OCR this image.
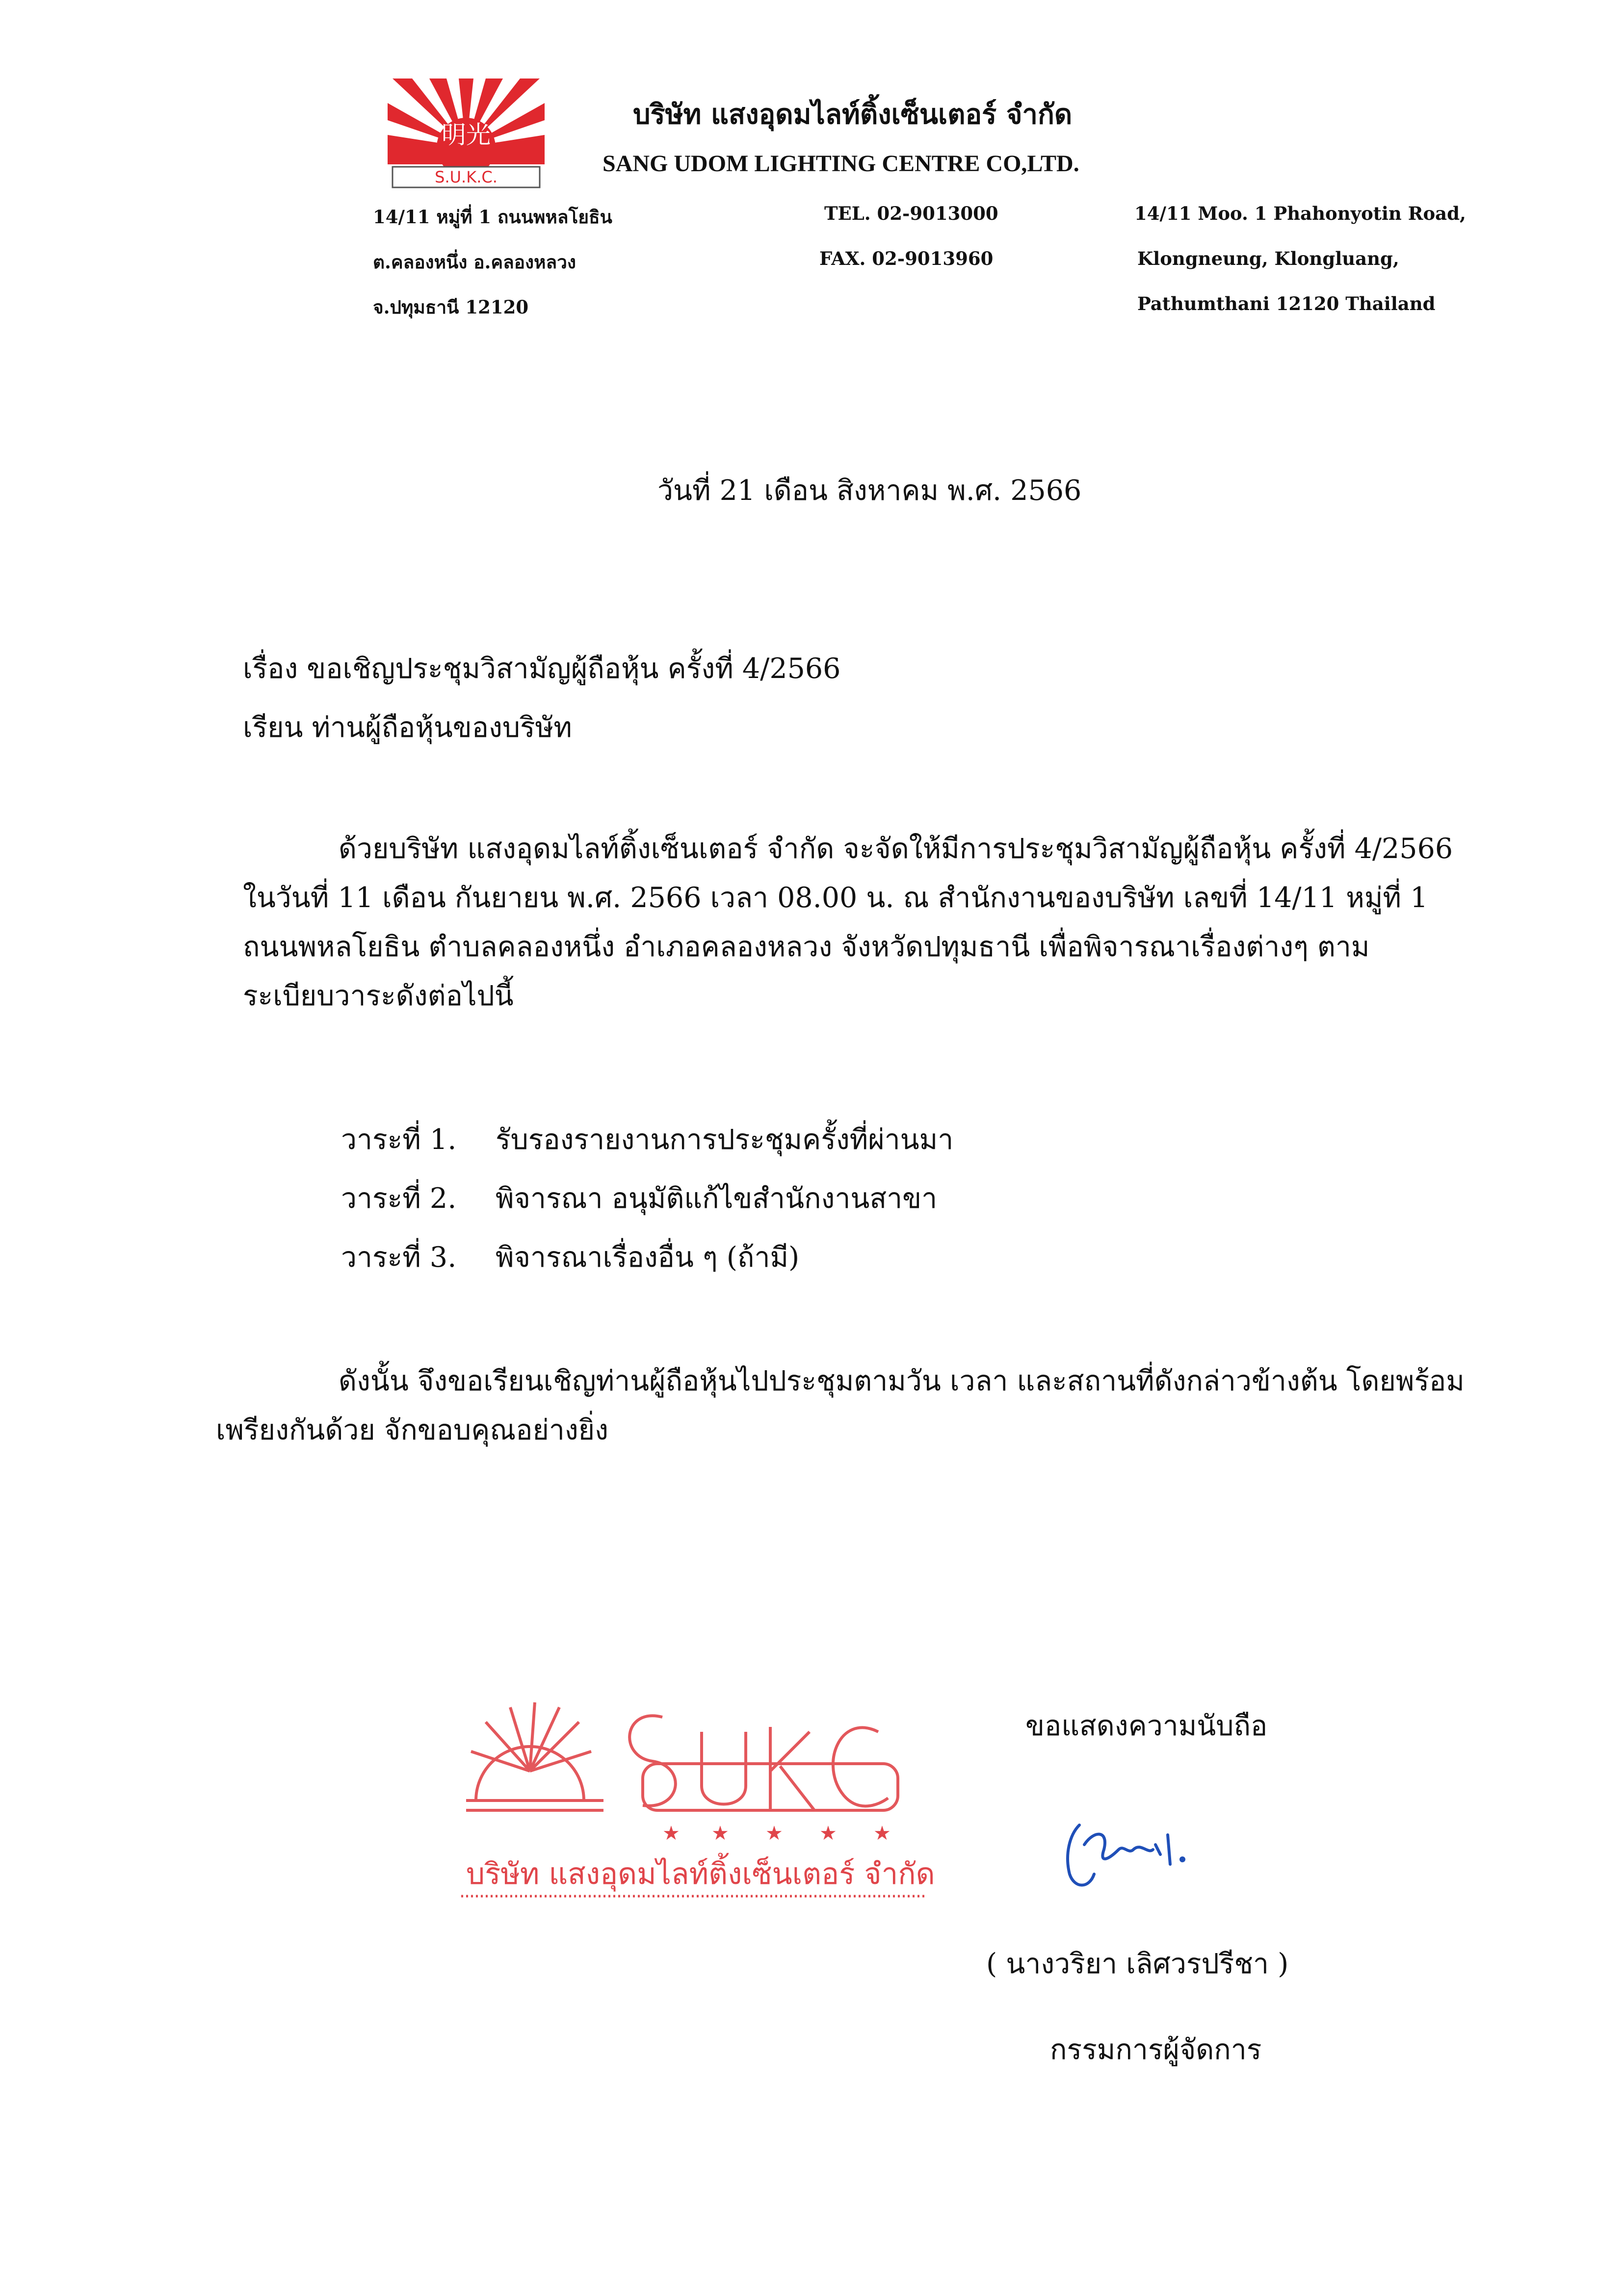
明光
S.U.K.C.
บริษัท แสงอุดมไลท์ติ้งเซ็นเตอร์ จำกัด
SANG UDOM LIGHTING CENTRE CO,LTD.
14/11 หมู่ที่ 1 ถนนพหลโยธิน
ต.คลองหนึ่ง อ.คลองหลวง
จ.ปทุมธานี 12120
TEL. 02-9013000
FAX. 02-9013960
14/11 Moo. 1 Phahonyotin Road,
Klongneung, Klongluang,
Pathumthani 12120 Thailand
วันที่ 21 เดือน สิงหาคม พ.ศ. 2566
เรื่อง ขอเชิญประชุมวิสามัญผู้ถือหุ้น ครั้งที่ 4/2566
เรียน ท่านผู้ถือหุ้นของบริษัท
ด้วยบริษัท แสงอุดมไลท์ติ้งเซ็นเตอร์ จำกัด จะจัดให้มีการประชุมวิสามัญผู้ถือหุ้น ครั้งที่ 4/2566
ในวันที่ 11 เดือน กันยายน พ.ศ. 2566 เวลา 08.00 น. ณ สำนักงานของบริษัท เลขที่ 14/11 หมู่ที่ 1
ถนนพหลโยธิน ตำบลคลองหนึ่ง อำเภอคลองหลวง จังหวัดปทุมธานี เพื่อพิจารณาเรื่องต่างๆ ตาม
ระเบียบวาระดังต่อไปนี้
วาระที่ 1. รับรองรายงานการประชุมครั้งที่ผ่านมา
วาระที่ 2. พิจารณา อนุมัติแก้ไขสำนักงานสาขา
วาระที่ 3. พิจารณาเรื่องอื่น ๆ (ถ้ามี)
ดังนั้น จึงขอเรียนเชิญท่านผู้ถือหุ้นไปประชุมตามวัน เวลา และสถานที่ดังกล่าวข้างต้น โดยพร้อม
เพรียงกันด้วย จักขอบคุณอย่างยิ่ง
ขอแสดงความนับถือ
★ ★ ★ ★ ★
บริษัท แสงอุดมไลท์ติ้งเซ็นเตอร์ จำกัด
( นางวริยา เลิศวรปรีชา )
กรรมการผู้จัดการ
